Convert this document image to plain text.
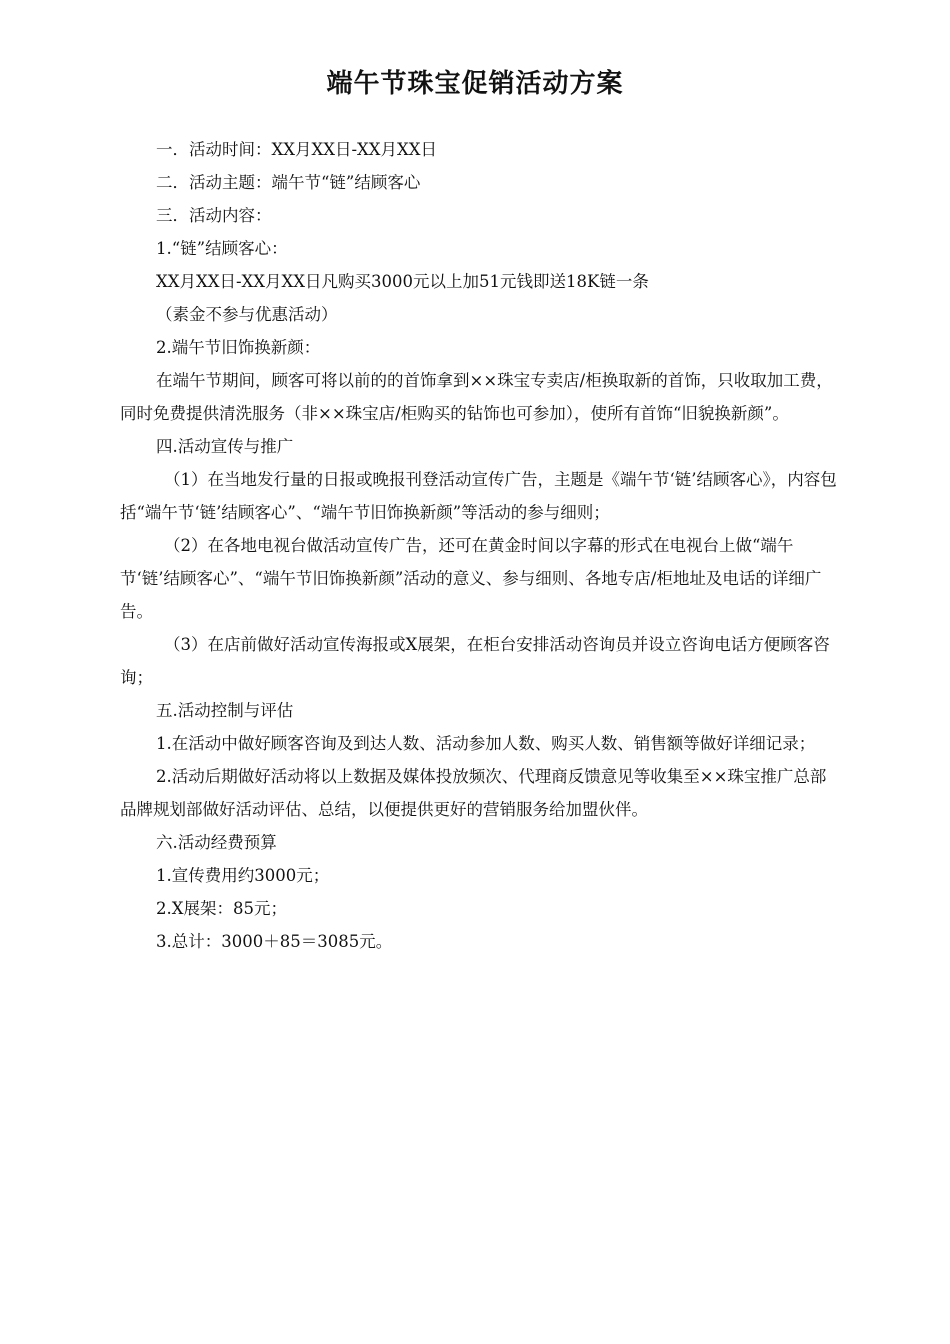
端午节珠宝促销活动方案

一．活动时间：XX月XX日-XX月XX日

二．活动主题：端午节“链”结顾客心

三．活动内容：

1.“链”结顾客心：

XX月XX日-XX月XX日凡购买3000元以上加51元钱即送18K链一条

（素金不参与优惠活动）

2.端午节旧饰换新颜：

在端午节期间，顾客可将以前的的首饰拿到××珠宝专卖店/柜换取新的首饰，只收取加工费，同时免费提供清洗服务（非××珠宝店/柜购买的钻饰也可参加），使所有首饰“旧貌换新颜”。

四.活动宣传与推广

（1）在当地发行量的日报或晚报刊登活动宣传广告，主题是《端午节‘链’结顾客心》，内容包括“端午节‘链’结顾客心”、“端午节旧饰换新颜”等活动的参与细则；

（2）在各地电视台做活动宣传广告，还可在黄金时间以字幕的形式在电视台上做“端午节‘链’结顾客心”、“端午节旧饰换新颜”活动的意义、参与细则、各地专店/柜地址及电话的详细广告。

（3）在店前做好活动宣传海报或X展架，在柜台安排活动咨询员并设立咨询电话方便顾客咨询；

五.活动控制与评估

1.在活动中做好顾客咨询及到达人数、活动参加人数、购买人数、销售额等做好详细记录；

2.活动后期做好活动将以上数据及媒体投放频次、代理商反馈意见等收集至××珠宝推广总部品牌规划部做好活动评估、总结，以便提供更好的营销服务给加盟伙伴。

六.活动经费预算

1.宣传费用约3000元；

2.X展架：85元；

3.总计：3000＋85＝3085元。
